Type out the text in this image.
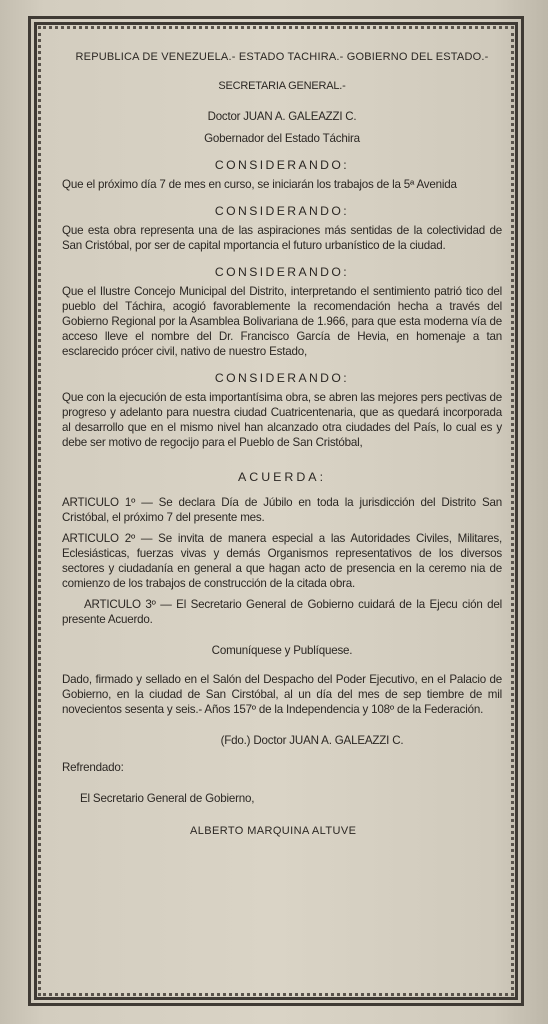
REPUBLICA DE VENEZUELA.- ESTADO TACHIRA.- GOBIERNO DEL ESTADO.-
SECRETARIA GENERAL.-
Doctor JUAN A. GALEAZZI C.
Gobernador del Estado Táchira
CONSIDERANDO:
Que el próximo día 7 de mes en curso, se iniciarán los trabajos de la 5ª Avenida
CONSIDERANDO:
Que esta obra representa una de las aspiraciones más sentidas de la colectividad de San Cristóbal, por ser de capital mportancia el futuro urbanístico de la ciudad.
CONSIDERANDO:
Que el Ilustre Concejo Municipal del Distrito, interpretando el sentimiento patrió tico del pueblo del Táchira, acogió favorablemente la recomendación hecha a través del Gobierno Regional por la Asamblea Bolivariana de 1.966, para que esta moderna vía de acceso lleve el nombre del Dr. Francisco García de Hevia, en homenaje a tan esclarecido prócer civil, nativo de nuestro Estado,
CONSIDERANDO:
Que con la ejecución de esta importantísima obra, se abren las mejores pers pectivas de progreso y adelanto para nuestra ciudad Cuatricentenaria, que as quedará incorporada al desarrollo que en el mismo nivel han alcanzado otra ciudades del País, lo cual es y debe ser motivo de regocijo para el Pueblo de San Cristóbal,
ACUERDA:
ARTICULO 1º — Se declara Día de Júbilo en toda la jurisdicción del Distrito San Cristóbal, el próximo 7 del presente mes.
ARTICULO 2º — Se invita de manera especial a las Autoridades Civiles, Militares, Eclesiásticas, fuerzas vivas y demás Organismos representativos de los diversos sectores y ciudadanía en general a que hagan acto de presencia en la ceremo nia de comienzo de los trabajos de construcción de la citada obra.
ARTICULO 3º — El Secretario General de Gobierno cuidará de la Ejecu ción del presente Acuerdo.
Comuníquese y Publíquese.
Dado, firmado y sellado en el Salón del Despacho del Poder Ejecutivo, en el Palacio de Gobierno, en la ciudad de San Cirstóbal, al un día del mes de sep tiembre de mil novecientos sesenta y seis.- Años 157º de la Independencia y 108º de la Federación.
(Fdo.) Doctor JUAN A. GALEAZZI C.
Refrendado:
El Secretario General de Gobierno,
ALBERTO MARQUINA ALTUVE
